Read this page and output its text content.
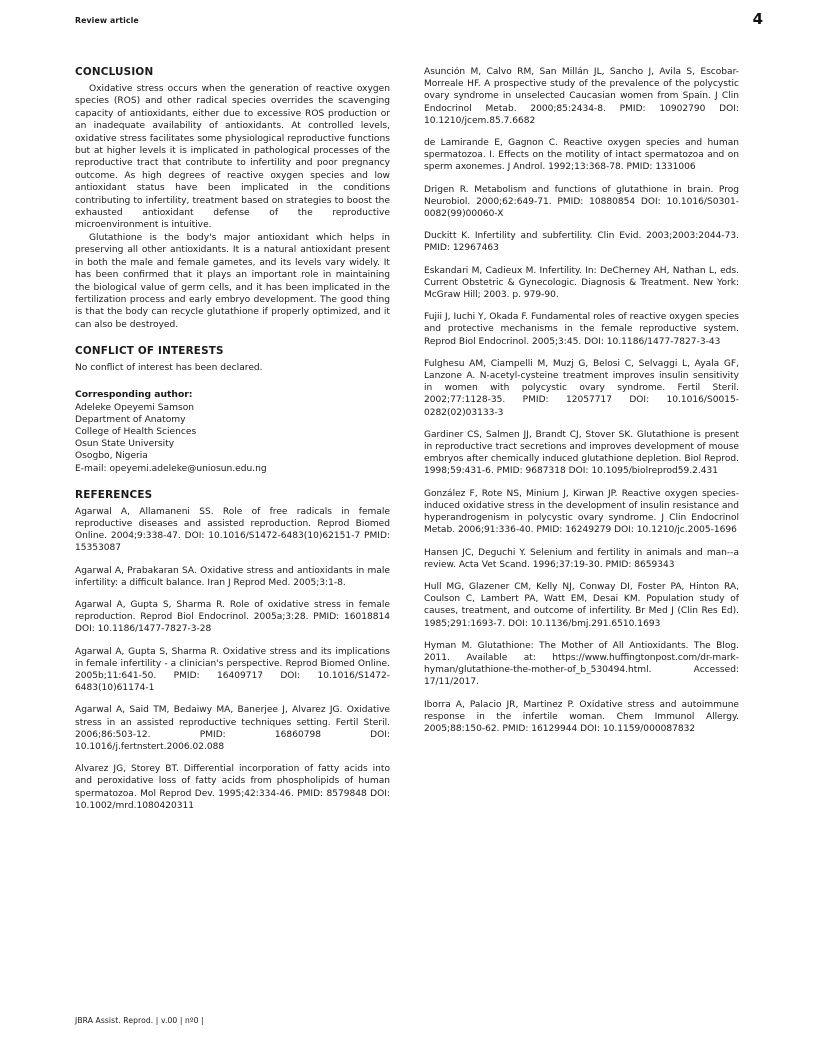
Review article	4
CONCLUSION

Oxidative stress occurs when the generation of reactive oxygen species (ROS) and other radical species overrides the scavenging capacity of antioxidants, either due to excessive ROS production or an inadequate availability of antioxidants. At controlled levels, oxidative stress facilitates some physiological reproductive functions but at higher levels it is implicated in pathological processes of the reproductive tract that contribute to infertility and poor pregnancy outcome. As high degrees of reactive oxygen species and low antioxidant status have been implicated in the conditions contributing to infertility, treatment based on strategies to boost the exhausted antioxidant defense of the reproductive microenvironment is intuitive.

Glutathione is the body's major antioxidant which helps in preserving all other antioxidants. It is a natural antioxidant present in both the male and female gametes, and its levels vary widely. It has been confirmed that it plays an important role in maintaining the biological value of germ cells, and it has been implicated in the fertilization process and early embryo development. The good thing is that the body can recycle glutathione if properly optimized, and it can also be destroyed.

CONFLICT OF INTERESTS

No conflict of interest has been declared.

Corresponding author:
Adeleke Opeyemi Samson
Department of Anatomy
College of Health Sciences
Osun State University
Osogbo, Nigeria
E-mail: opeyemi.adeleke@uniosun.edu.ng
REFERENCES

Agarwal A, Allamaneni SS. Role of free radicals in female reproductive diseases and assisted reproduction. Reprod Biomed Online. 2004;9:338-47. DOI: 10.1016/S1472-6483(10)62151-7 PMID: 15353087

Agarwal A, Prabakaran SA. Oxidative stress and antioxidants in male infertility: a difficult balance. Iran J Reprod Med. 2005;3:1-8.

Agarwal A, Gupta S, Sharma R. Role of oxidative stress in female reproduction. Reprod Biol Endocrinol. 2005a;3:28. PMID: 16018814 DOI: 10.1186/1477-7827-3-28

Agarwal A, Gupta S, Sharma R. Oxidative stress and its implications in female infertility - a clinician's perspective. Reprod Biomed Online. 2005b;11:641-50. PMID: 16409717 DOI: 10.1016/S1472-6483(10)61174-1

Agarwal A, Said TM, Bedaiwy MA, Banerjee J, Alvarez JG. Oxidative stress in an assisted reproductive techniques setting. Fertil Steril. 2006;86:503-12. PMID: 16860798 DOI: 10.1016/j.fertnstert.2006.02.088

Alvarez JG, Storey BT. Differential incorporation of fatty acids into and peroxidative loss of fatty acids from phospholipids of human spermatozoa. Mol Reprod Dev. 1995;42:334-46. PMID: 8579848 DOI: 10.1002/mrd.1080420311

Asunción M, Calvo RM, San Millán JL, Sancho J, Avila S, Escobar-Morreale HF. A prospective study of the prevalence of the polycystic ovary syndrome in unselected Caucasian women from Spain. J Clin Endocrinol Metab. 2000;85:2434-8. PMID: 10902790 DOI: 10.1210/jcem.85.7.6682

de Lamirande E, Gagnon C. Reactive oxygen species and human spermatozoa. I. Effects on the motility of intact spermatozoa and on sperm axonemes. J Androl. 1992;13:368-78. PMID: 1331006

Drigen R. Metabolism and functions of glutathione in brain. Prog Neurobiol. 2000;62:649-71. PMID: 10880854 DOI: 10.1016/S0301-0082(99)00060-X

Duckitt K. Infertility and subfertility. Clin Evid. 2003;2003:2044-73. PMID: 12967463

Eskandari M, Cadieux M. Infertility. In: DeCherney AH, Nathan L, eds. Current Obstetric & Gynecologic. Diagnosis & Treatment. New York: McGraw Hill; 2003. p. 979-90.

Fujii J, Iuchi Y, Okada F. Fundamental roles of reactive oxygen species and protective mechanisms in the female reproductive system. Reprod Biol Endocrinol. 2005;3:45. DOI: 10.1186/1477-7827-3-43

Fulghesu AM, Ciampelli M, Muzj G, Belosi C, Selvaggi L, Ayala GF, Lanzone A. N-acetyl-cysteine treatment improves insulin sensitivity in women with polycystic ovary syndrome. Fertil Steril. 2002;77:1128-35. PMID: 12057717 DOI: 10.1016/S0015-0282(02)03133-3

Gardiner CS, Salmen JJ, Brandt CJ, Stover SK. Glutathione is present in reproductive tract secretions and improves development of mouse embryos after chemically induced glutathione depletion. Biol Reprod. 1998;59:431-6. PMID: 9687318 DOI: 10.1095/biolreprod59.2.431

González F, Rote NS, Minium J, Kirwan JP. Reactive oxygen species-induced oxidative stress in the development of insulin resistance and hyperandrogenism in polycystic ovary syndrome. J Clin Endocrinol Metab. 2006;91:336-40. PMID: 16249279 DOI: 10.1210/jc.2005-1696

Hansen JC, Deguchi Y. Selenium and fertility in animals and man--a review. Acta Vet Scand. 1996;37:19-30. PMID: 8659343

Hull MG, Glazener CM, Kelly NJ, Conway DI, Foster PA, Hinton RA, Coulson C, Lambert PA, Watt EM, Desai KM. Population study of causes, treatment, and outcome of infertility. Br Med J (Clin Res Ed). 1985;291:1693-7. DOI: 10.1136/bmj.291.6510.1693

Hyman M. Glutathione: The Mother of All Antioxidants. The Blog. 2011. Available at: https://www.huffingtonpost.com/dr-mark-hyman/glutathione-the-mother-of_b_530494.html. Accessed: 17/11/2017.

Iborra A, Palacio JR, Martinez P. Oxidative stress and autoimmune response in the infertile woman. Chem Immunol Allergy. 2005;88:150-62. PMID: 16129944 DOI: 10.1159/000087832

JBRA Assist. Reprod. | v.00 | nº0 |
